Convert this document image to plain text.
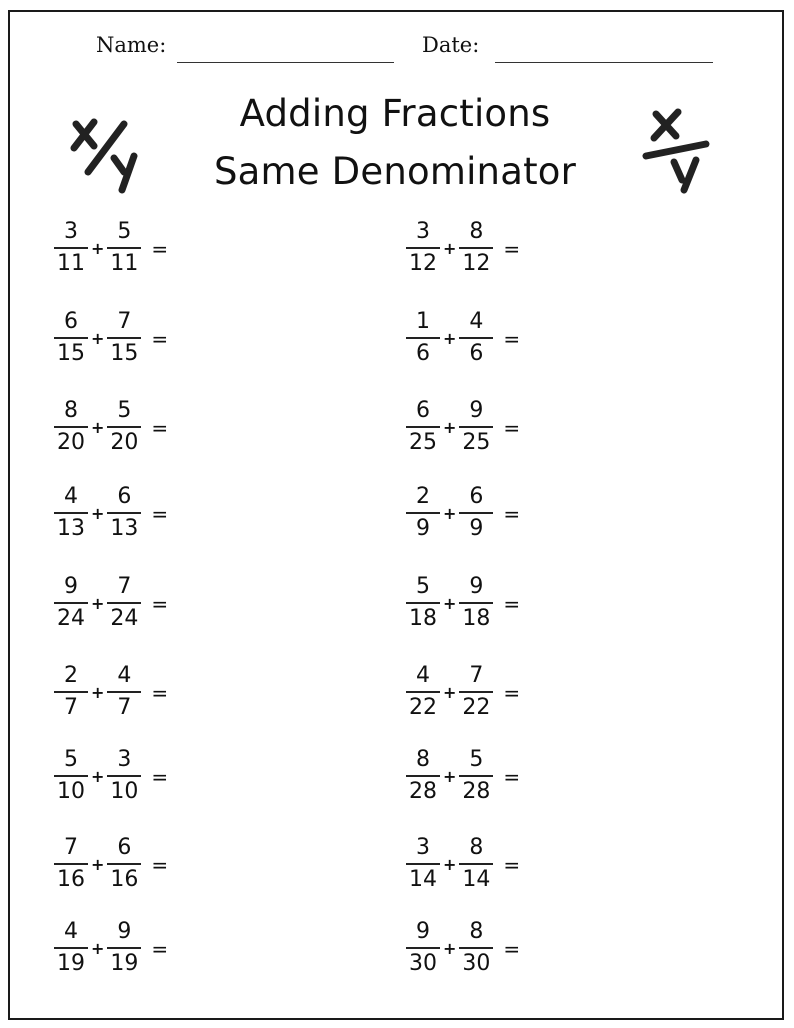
Name:	Date:
Adding Fractions
Same Denominator
$\frac{3}{11} + \frac{5}{11}$ =
$\frac{6}{15} + \frac{7}{15}$ =
$\frac{8}{20} + \frac{5}{20}$ =
$\frac{4}{13} + \frac{6}{13}$ =
$\frac{9}{24} + \frac{7}{24}$ =
$\frac{2}{7} + \frac{4}{7}$ =
$\frac{5}{10} + \frac{3}{10}$ =
$\frac{7}{16} + \frac{6}{16}$ =
$\frac{4}{19} + \frac{9}{19}$ =
$\frac{3}{12} + \frac{8}{12}$ =
$\frac{1}{6} + \frac{4}{6}$ =
$\frac{6}{25} + \frac{9}{25}$ =
$\frac{2}{9} + \frac{6}{9}$ =
$\frac{5}{18} + \frac{9}{18}$ =
$\frac{4}{22} + \frac{7}{22}$ =
$\frac{8}{28} + \frac{5}{28}$ =
$\frac{3}{14} + \frac{8}{14}$ =
$\frac{9}{30} + \frac{8}{30}$ =
